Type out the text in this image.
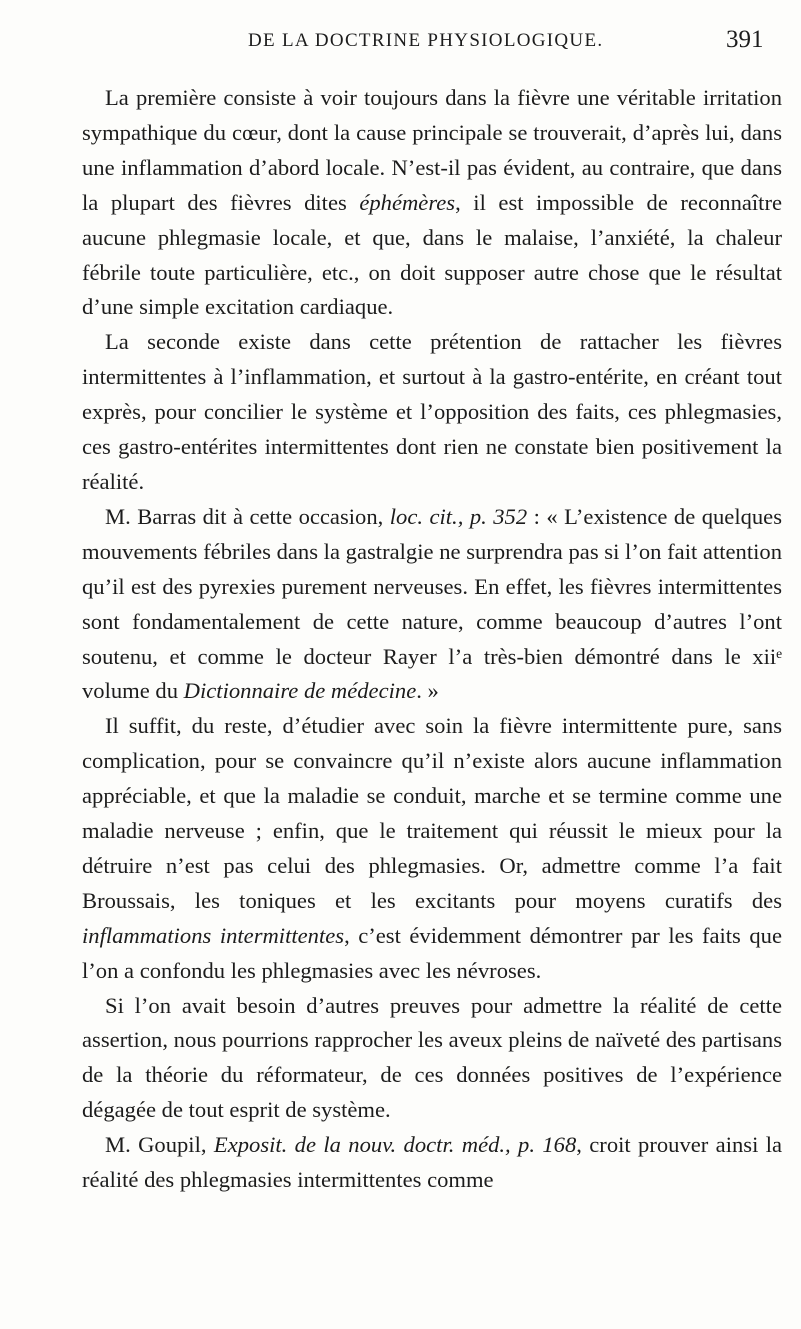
DE LA DOCTRINE PHYSIOLOGIQUE.	391

La première consiste à voir toujours dans la fièvre une véritable irritation sympathique du cœur, dont la cause principale se trouverait, d’après lui, dans une inflammation d’abord locale. N’est-il pas évident, au contraire, que dans la plupart des fièvres dites éphémères, il est impossible de reconnaître aucune phlegmasie locale, et que, dans le malaise, l’anxiété, la chaleur fébrile toute particulière, etc., on doit supposer autre chose que le résultat d’une simple excitation cardiaque.

La seconde existe dans cette prétention de rattacher les fièvres intermittentes à l’inflammation, et surtout à la gastro-entérite, en créant tout exprès, pour concilier le système et l’opposition des faits, ces phlegmasies, ces gastro-entérites intermittentes dont rien ne constate bien positivement la réalité.

M. Barras dit à cette occasion, loc. cit., p. 352 : « L’existence de quelques mouvements fébriles dans la gastralgie ne surprendra pas si l’on fait attention qu’il est des pyrexies purement nerveuses. En effet, les fièvres intermittentes sont fondamentalement de cette nature, comme beaucoup d’autres l’ont soutenu, et comme le docteur Rayer l’a très-bien démontré dans le xiiᵉ volume du Dictionnaire de médecine. »

Il suffit, du reste, d’étudier avec soin la fièvre intermittente pure, sans complication, pour se convaincre qu’il n’existe alors aucune inflammation appréciable, et que la maladie se conduit, marche et se termine comme une maladie nerveuse ; enfin, que le traitement qui réussit le mieux pour la détruire n’est pas celui des phlegmasies. Or, admettre comme l’a fait Broussais, les toniques et les excitants pour moyens curatifs des inflammations intermittentes, c’est évidemment démontrer par les faits que l’on a confondu les phlegmasies avec les névroses.

Si l’on avait besoin d’autres preuves pour admettre la réalité de cette assertion, nous pourrions rapprocher les aveux pleins de naïveté des partisans de la théorie du réformateur, de ces données positives de l’expérience dégagée de tout esprit de système.

M. Goupil, Exposit. de la nouv. doctr. méd., p. 168, croit prouver ainsi la réalité des phlegmasies intermittentes comme
